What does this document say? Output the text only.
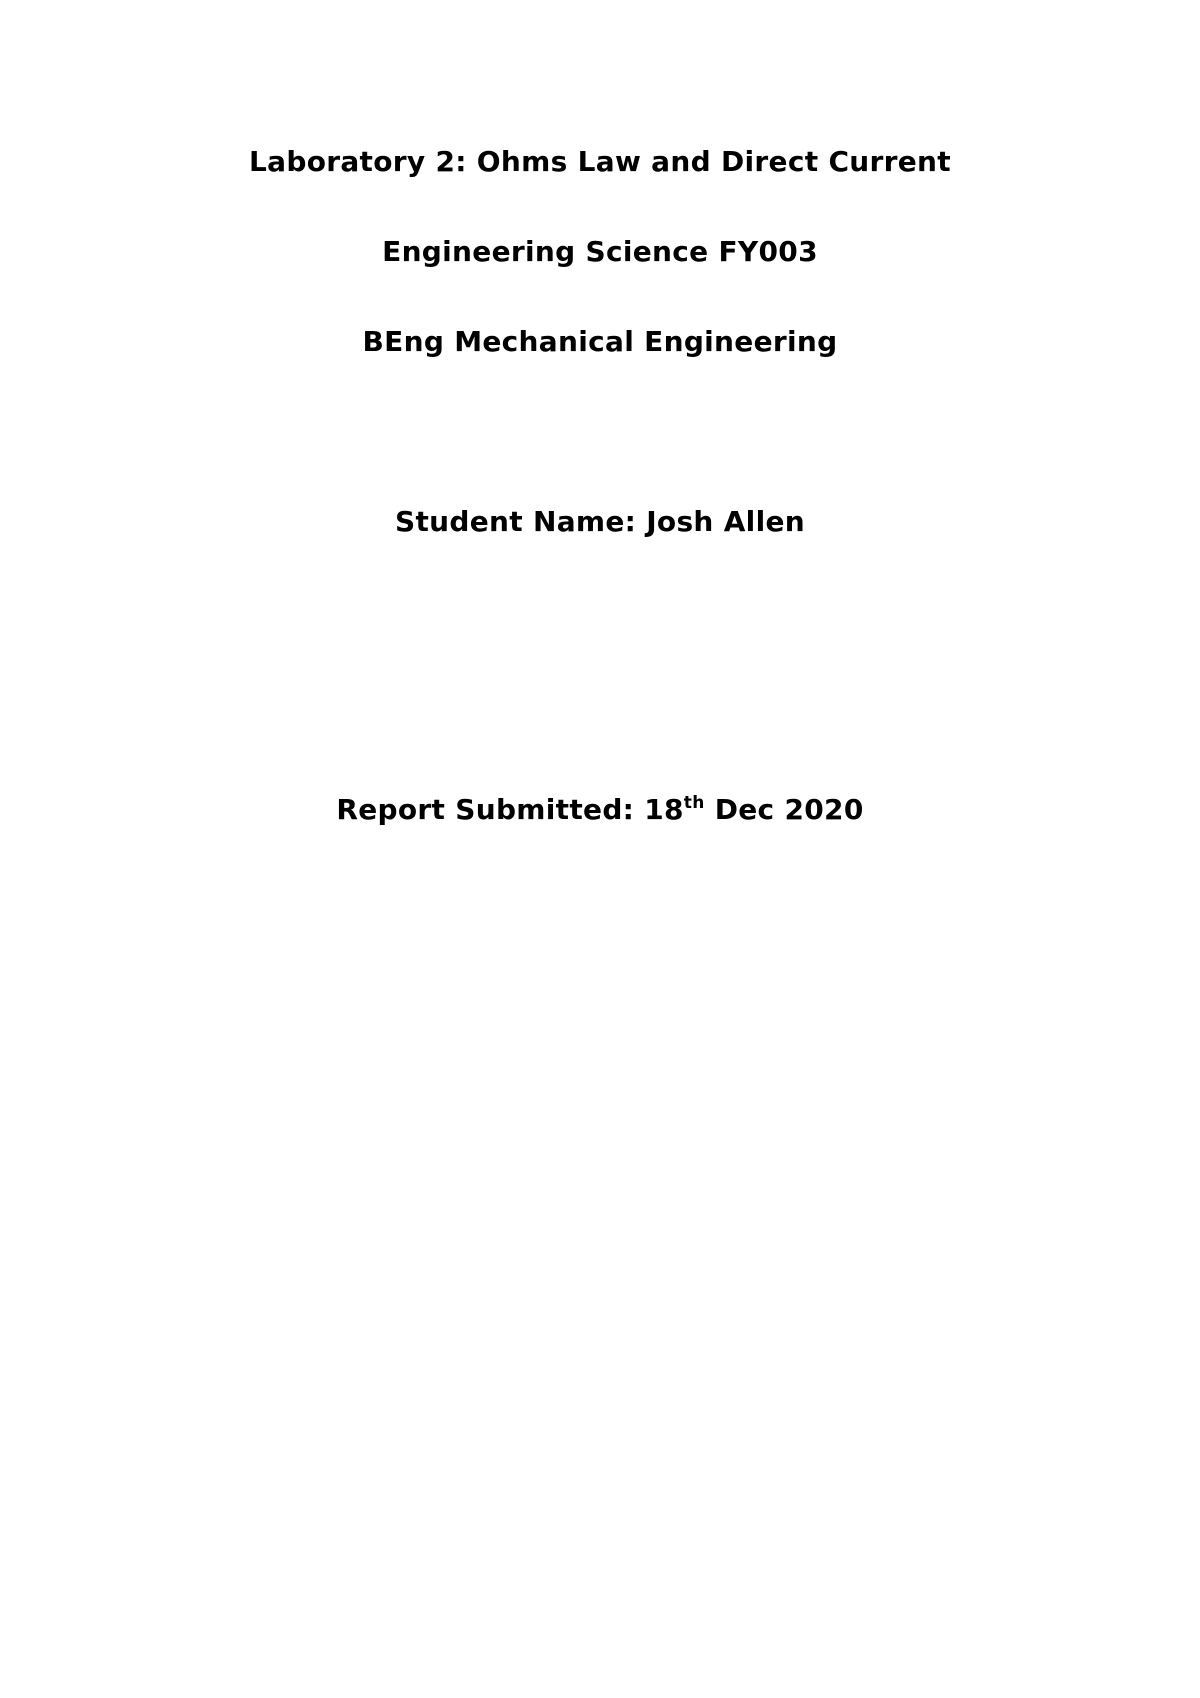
Laboratory 2: Ohms Law and Direct Current
Engineering Science FY003
BEng Mechanical Engineering
Student Name: Josh Allen
Report Submitted: 18th Dec 2020
